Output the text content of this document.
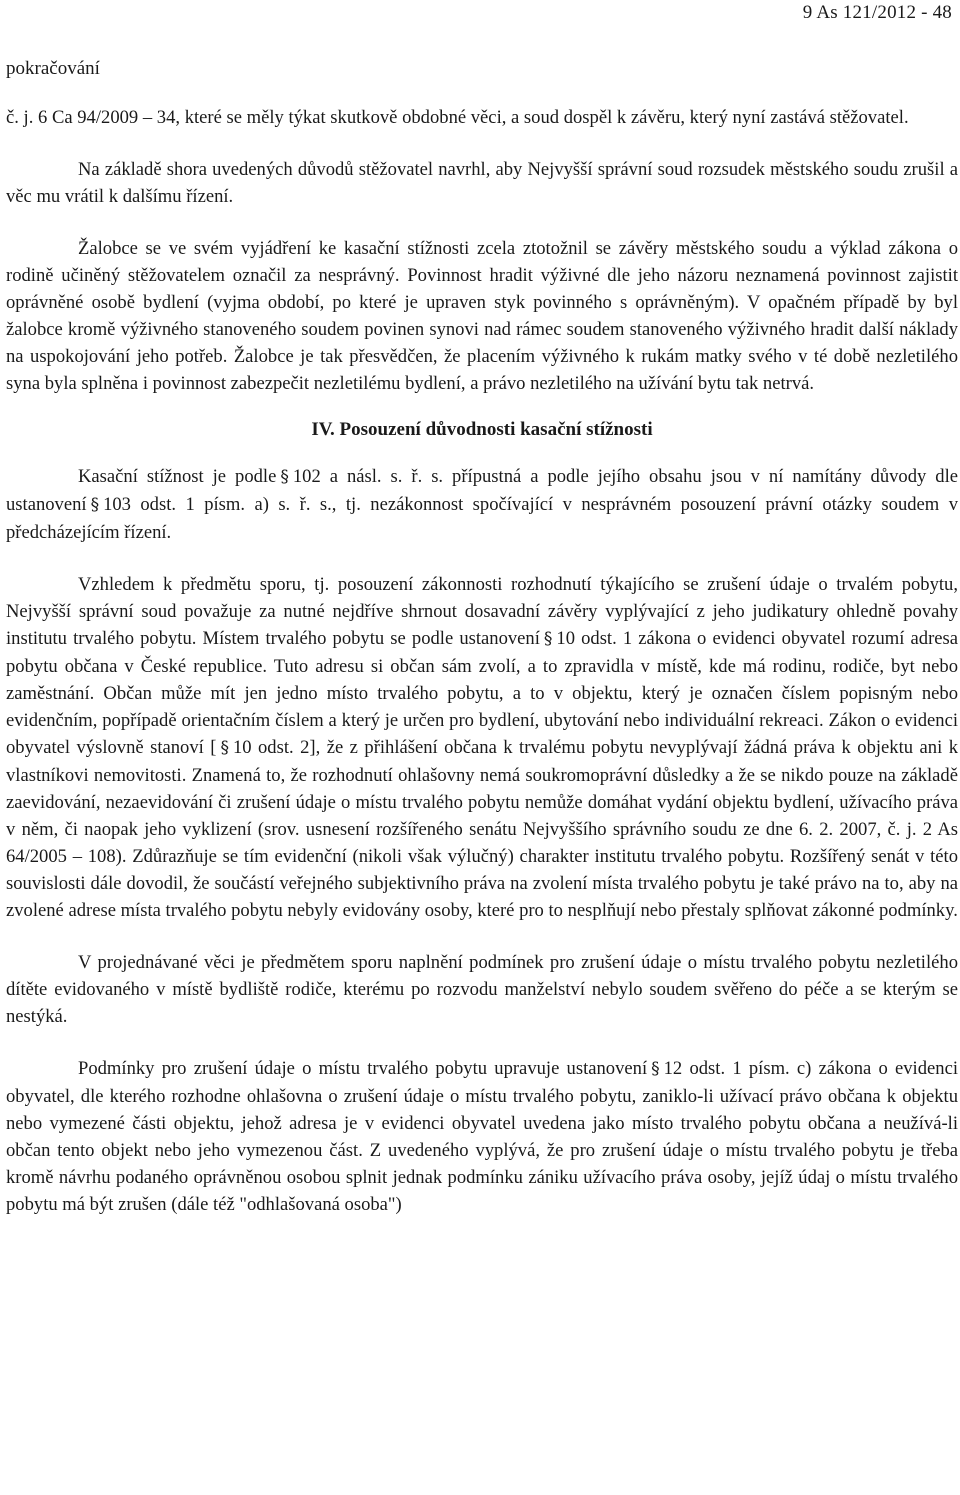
9 As 121/2012 - 48
pokračování

č. j. 6 Ca 94/2009 – 34, které se měly týkat skutkově obdobné věci, a soud dospěl k závěru, který nyní zastává stěžovatel.

Na základě shora uvedených důvodů stěžovatel navrhl, aby Nejvyšší správní soud rozsudek městského soudu zrušil a věc mu vrátil k dalšímu řízení.

Žalobce se ve svém vyjádření ke kasační stížnosti zcela ztotožnil se závěry městského soudu a výklad zákona o rodině učiněný stěžovatelem označil za nesprávný. Povinnost hradit výživné dle jeho názoru neznamená povinnost zajistit oprávněné osobě bydlení (vyjma období, po které je upraven styk povinného s oprávněným). V opačném případě by byl žalobce kromě výživného stanoveného soudem povinen synovi nad rámec soudem stanoveného výživného hradit další náklady na uspokojování jeho potřeb. Žalobce je tak přesvědčen, že placením výživného k rukám matky svého v té době nezletilého syna byla splněna i povinnost zabezpečit nezletilému bydlení, a právo nezletilého na užívání bytu tak netrvá.

IV. Posouzení důvodnosti kasační stížnosti

Kasační stížnost je podle § 102 a násl. s. ř. s. přípustná a podle jejího obsahu jsou v ní namítány důvody dle ustanovení § 103 odst. 1 písm. a) s. ř. s., tj. nezákonnost spočívající v nesprávném posouzení právní otázky soudem v předcházejícím řízení.

Vzhledem k předmětu sporu, tj. posouzení zákonnosti rozhodnutí týkajícího se zrušení údaje o trvalém pobytu, Nejvyšší správní soud považuje za nutné nejdříve shrnout dosavadní závěry vyplývající z jeho judikatury ohledně povahy institutu trvalého pobytu. Místem trvalého pobytu se podle ustanovení § 10 odst. 1 zákona o evidenci obyvatel rozumí adresa pobytu občana v České republice. Tuto adresu si občan sám zvolí, a to zpravidla v místě, kde má rodinu, rodiče, byt nebo zaměstnání. Občan může mít jen jedno místo trvalého pobytu, a to v objektu, který je označen číslem popisným nebo evidenčním, popřípadě orientačním číslem a který je určen pro bydlení, ubytování nebo individuální rekreaci. Zákon o evidenci obyvatel výslovně stanoví [ § 10 odst. 2], že z přihlášení občana k trvalému pobytu nevyplývají žádná práva k objektu ani k vlastníkovi nemovitosti. Znamená to, že rozhodnutí ohlašovny nemá soukromoprávní důsledky a že se nikdo pouze na základě zaevidování, nezaevidování či zrušení údaje o místu trvalého pobytu nemůže domáhat vydání objektu bydlení, užívacího práva v něm, či naopak jeho vyklizení (srov. usnesení rozšířeného senátu Nejvyššího správního soudu ze dne 6. 2. 2007, č. j. 2 As 64/2005 – 108). Zdůrazňuje se tím evidenční (nikoli však výlučný) charakter institutu trvalého pobytu. Rozšířený senát v této souvislosti dále dovodil, že součástí veřejného subjektivního práva na zvolení místa trvalého pobytu je také právo na to, aby na zvolené adrese místa trvalého pobytu nebyly evidovány osoby, které pro to nesplňují nebo přestaly splňovat zákonné podmínky.

V projednávané věci je předmětem sporu naplnění podmínek pro zrušení údaje o místu trvalého pobytu nezletilého dítěte evidovaného v místě bydliště rodiče, kterému po rozvodu manželství nebylo soudem svěřeno do péče a se kterým se nestýká.

Podmínky pro zrušení údaje o místu trvalého pobytu upravuje ustanovení § 12 odst. 1 písm. c) zákona o evidenci obyvatel, dle kterého rozhodne ohlašovna o zrušení údaje o místu trvalého pobytu, zaniklo-li užívací právo občana k objektu nebo vymezené části objektu, jehož adresa je v evidenci obyvatel uvedena jako místo trvalého pobytu občana a neužívá-li občan tento objekt nebo jeho vymezenou část. Z uvedeného vyplývá, že pro zrušení údaje o místu trvalého pobytu je třeba kromě návrhu podaného oprávněnou osobou splnit jednak podmínku zániku užívacího práva osoby, jejíž údaj o místu trvalého pobytu má být zrušen (dále též "odhlašovaná osoba")
